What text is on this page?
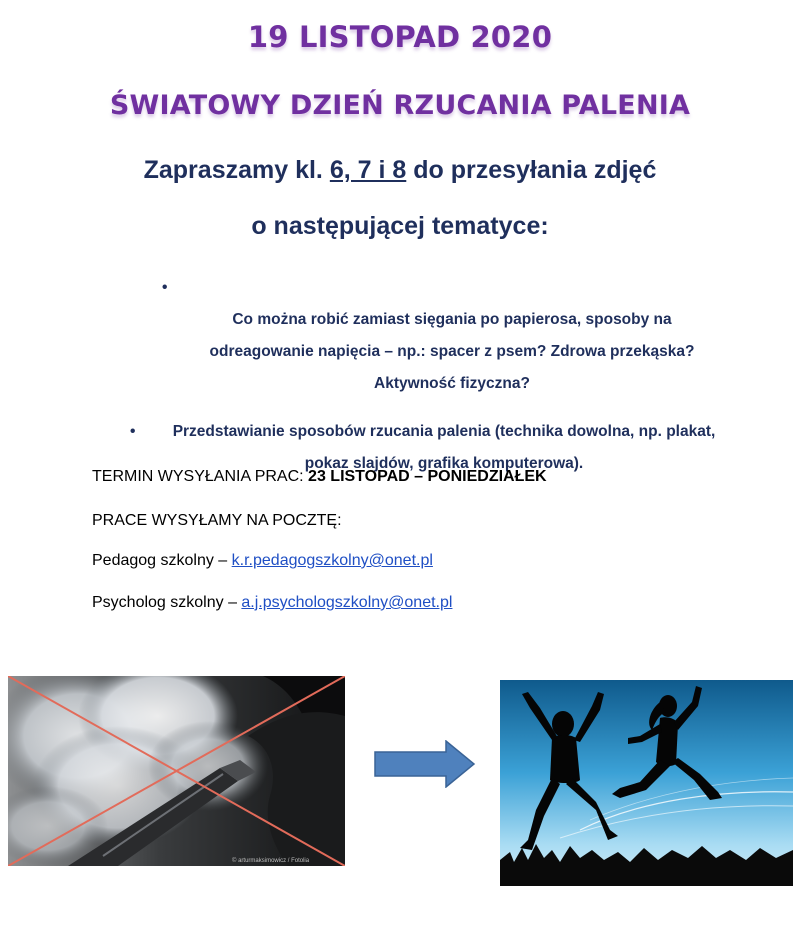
19 LISTOPAD 2020
ŚWIATOWY DZIEŃ RZUCANIA PALENIA
Zapraszamy kl. 6, 7 i 8 do przesyłania zdjęć
o następującej tematyce:
•

Co można robić zamiast sięgania po papierosa, sposoby na odreagowanie napięcia – np.: spacer z psem? Zdrowa przekąska? Aktywność fizyczna?

•	Przedstawianie sposobów rzucania palenia (technika dowolna, np. plakat, pokaz slajdów, grafika komputerowa).
TERMIN WYSYŁANIA PRAC: 23 LISTOPAD – PONIEDZIAŁEK
PRACE WYSYŁAMY NA POCZTĘ:
Pedagog szkolny – k.r.pedagogszkolny@onet.pl
Psycholog szkolny – a.j.psychologszkolny@onet.pl
© arturmaksimowicz / Fotolia
